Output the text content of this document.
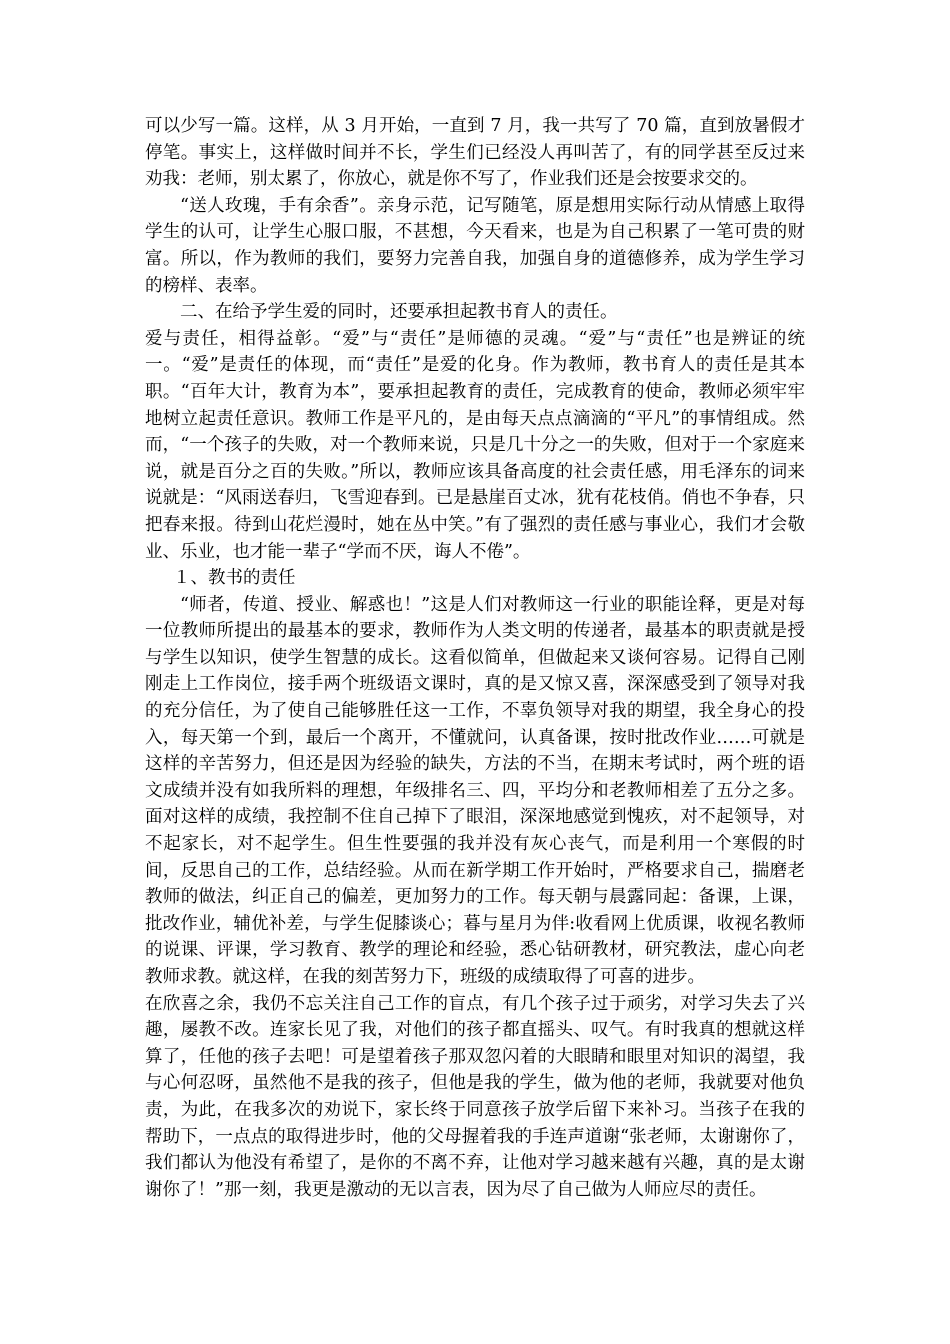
可以少写一篇。这样，从 3 月开始，一直到 7 月，我一共写了 70 篇，直到放暑假才停笔。事实上，这样做时间并不长，学生们已经没人再叫苦了，有的同学甚至反过来劝我：老师，别太累了，你放心，就是你不写了，作业我们还是会按要求交的。

“送人玫瑰，手有余香”。亲身示范，记写随笔，原是想用实际行动从情感上取得学生的认可，让学生心服口服，不甚想，今天看来，也是为自己积累了一笔可贵的财富。所以，作为教师的我们，要努力完善自我，加强自身的道德修养，成为学生学习的榜样、表率。

二、在给予学生爱的同时，还要承担起教书育人的责任。

爱与责任，相得益彰。“爱”与“责任”是师德的灵魂。“爱”与“责任”也是辨证的统一。“爱”是责任的体现，而“责任”是爱的化身。作为教师，教书育人的责任是其本职。“百年大计，教育为本”，要承担起教育的责任，完成教育的使命，教师必须牢牢地树立起责任意识。教师工作是平凡的，是由每天点点滴滴的“平凡”的事情组成。然而，“一个孩子的失败，对一个教师来说，只是几十分之一的失败，但对于一个家庭来说，就是百分之百的失败。”所以，教师应该具备高度的社会责任感，用毛泽东的词来说就是：“风雨送春归，飞雪迎春到。已是悬崖百丈冰，犹有花枝俏。俏也不争春，只把春来报。待到山花烂漫时，她在丛中笑。”有了强烈的责任感与事业心，我们才会敬业、乐业，也才能一辈子“学而不厌，诲人不倦”。

１、教书的责任

“师者，传道、授业、解惑也！”这是人们对教师这一行业的职能诠释，更是对每一位教师所提出的最基本的要求，教师作为人类文明的传递者，最基本的职责就是授与学生以知识，使学生智慧的成长。这看似简单，但做起来又谈何容易。记得自己刚刚走上工作岗位，接手两个班级语文课时，真的是又惊又喜，深深感受到了领导对我的充分信任，为了使自己能够胜任这一工作，不辜负领导对我的期望，我全身心的投入，每天第一个到，最后一个离开，不懂就问，认真备课，按时批改作业……可就是这样的辛苦努力，但还是因为经验的缺失，方法的不当，在期末考试时，两个班的语文成绩并没有如我所料的理想，年级排名三、四，平均分和老教师相差了五分之多。面对这样的成绩，我控制不住自己掉下了眼泪，深深地感觉到愧疚，对不起领导，对不起家长，对不起学生。但生性要强的我并没有灰心丧气，而是利用一个寒假的时间，反思自己的工作，总结经验。从而在新学期工作开始时，严格要求自己，揣磨老教师的做法，纠正自己的偏差，更加努力的工作。每天朝与晨露同起：备课，上课，批改作业，辅优补差，与学生促膝谈心；暮与星月为伴:收看网上优质课，收视名教师的说课、评课，学习教育、教学的理论和经验，悉心钻研教材，研究教法，虚心向老教师求教。就这样，在我的刻苦努力下，班级的成绩取得了可喜的进步。

在欣喜之余，我仍不忘关注自己工作的盲点，有几个孩子过于顽劣，对学习失去了兴趣，屡教不改。连家长见了我，对他们的孩子都直摇头、叹气。有时我真的想就这样算了，任他的孩子去吧！可是望着孩子那双忽闪着的大眼睛和眼里对知识的渴望，我与心何忍呀，虽然他不是我的孩子，但他是我的学生，做为他的老师，我就要对他负责，为此，在我多次的劝说下，家长终于同意孩子放学后留下来补习。当孩子在我的帮助下，一点点的取得进步时，他的父母握着我的手连声道谢“张老师，太谢谢你了，我们都认为他没有希望了，是你的不离不弃，让他对学习越来越有兴趣，真的是太谢谢你了！”那一刻，我更是激动的无以言表，因为尽了自己做为人师应尽的责任。
